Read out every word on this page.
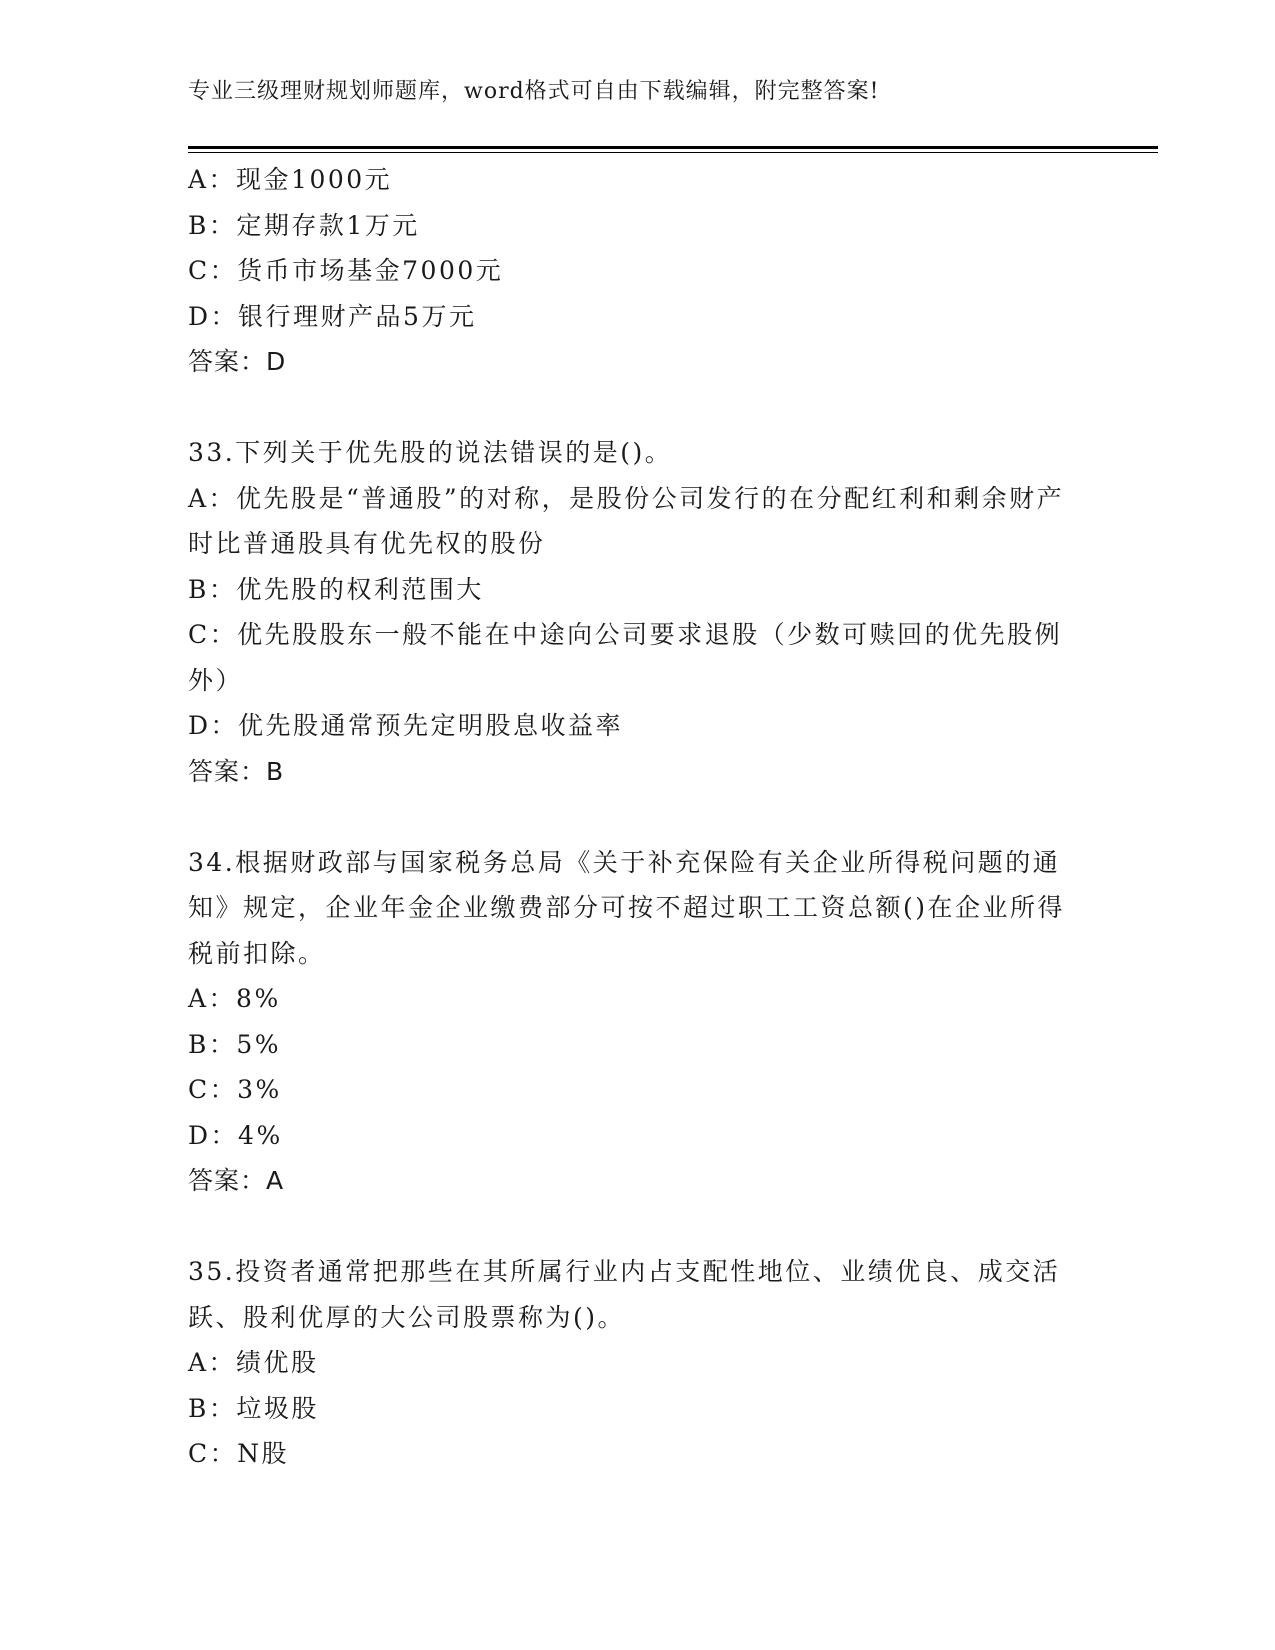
专业三级理财规划师题库，word格式可自由下载编辑，附完整答案!
A：现金1000元
B：定期存款1万元
C：货币市场基金7000元
D：银行理财产品5万元
答案：D
33.下列关于优先股的说法错误的是()。
A：优先股是“普通股”的对称，是股份公司发行的在分配红利和剩余财产时比普通股具有优先权的股份
B：优先股的权利范围大
C：优先股股东一般不能在中途向公司要求退股（少数可赎回的优先股例外）
D：优先股通常预先定明股息收益率
答案：B
34.根据财政部与国家税务总局《关于补充保险有关企业所得税问题的通知》规定，企业年金企业缴费部分可按不超过职工工资总额()在企业所得税前扣除。
A：8%
B：5%
C：3%
D：4%
答案：A
35.投资者通常把那些在其所属行业内占支配性地位、业绩优良、成交活跃、股利优厚的大公司股票称为()。
A：绩优股
B：垃圾股
C：N股
